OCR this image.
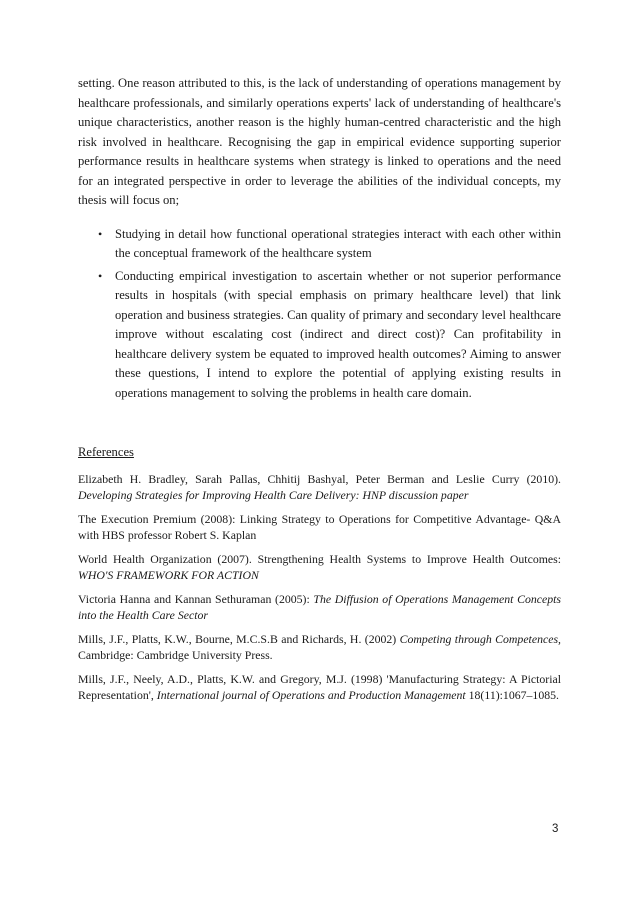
setting. One reason attributed to this, is the lack of understanding of operations management by healthcare professionals, and similarly operations experts' lack of understanding of healthcare's unique characteristics, another reason is the highly human-centred characteristic and the high risk involved in healthcare. Recognising the gap in empirical evidence supporting superior performance results in healthcare systems when strategy is linked to operations and the need for an integrated perspective in order to leverage the abilities of the individual concepts, my thesis will focus on;

• Studying in detail how functional operational strategies interact with each other within the conceptual framework of the healthcare system
• Conducting empirical investigation to ascertain whether or not superior performance results in hospitals (with special emphasis on primary healthcare level) that link operation and business strategies. Can quality of primary and secondary level healthcare improve without escalating cost (indirect and direct cost)? Can profitability in healthcare delivery system be equated to improved health outcomes? Aiming to answer these questions, I intend to explore the potential of applying existing results in operations management to solving the problems in health care domain.
References

Elizabeth H. Bradley, Sarah Pallas, Chhitij Bashyal, Peter Berman and Leslie Curry (2010). Developing Strategies for Improving Health Care Delivery: HNP discussion paper

The Execution Premium (2008): Linking Strategy to Operations for Competitive Advantage- Q&A with HBS professor Robert S. Kaplan

World Health Organization (2007). Strengthening Health Systems to Improve Health Outcomes: WHO'S FRAMEWORK FOR ACTION

Victoria Hanna and Kannan Sethuraman (2005): The Diffusion of Operations Management Concepts into the Health Care Sector

Mills, J.F., Platts, K.W., Bourne, M.C.S.B and Richards, H. (2002) Competing through Competences, Cambridge: Cambridge University Press.

Mills, J.F., Neely, A.D., Platts, K.W. and Gregory, M.J. (1998) 'Manufacturing Strategy: A Pictorial Representation', International journal of Operations and Production Management 18(11):1067–1085.

3
